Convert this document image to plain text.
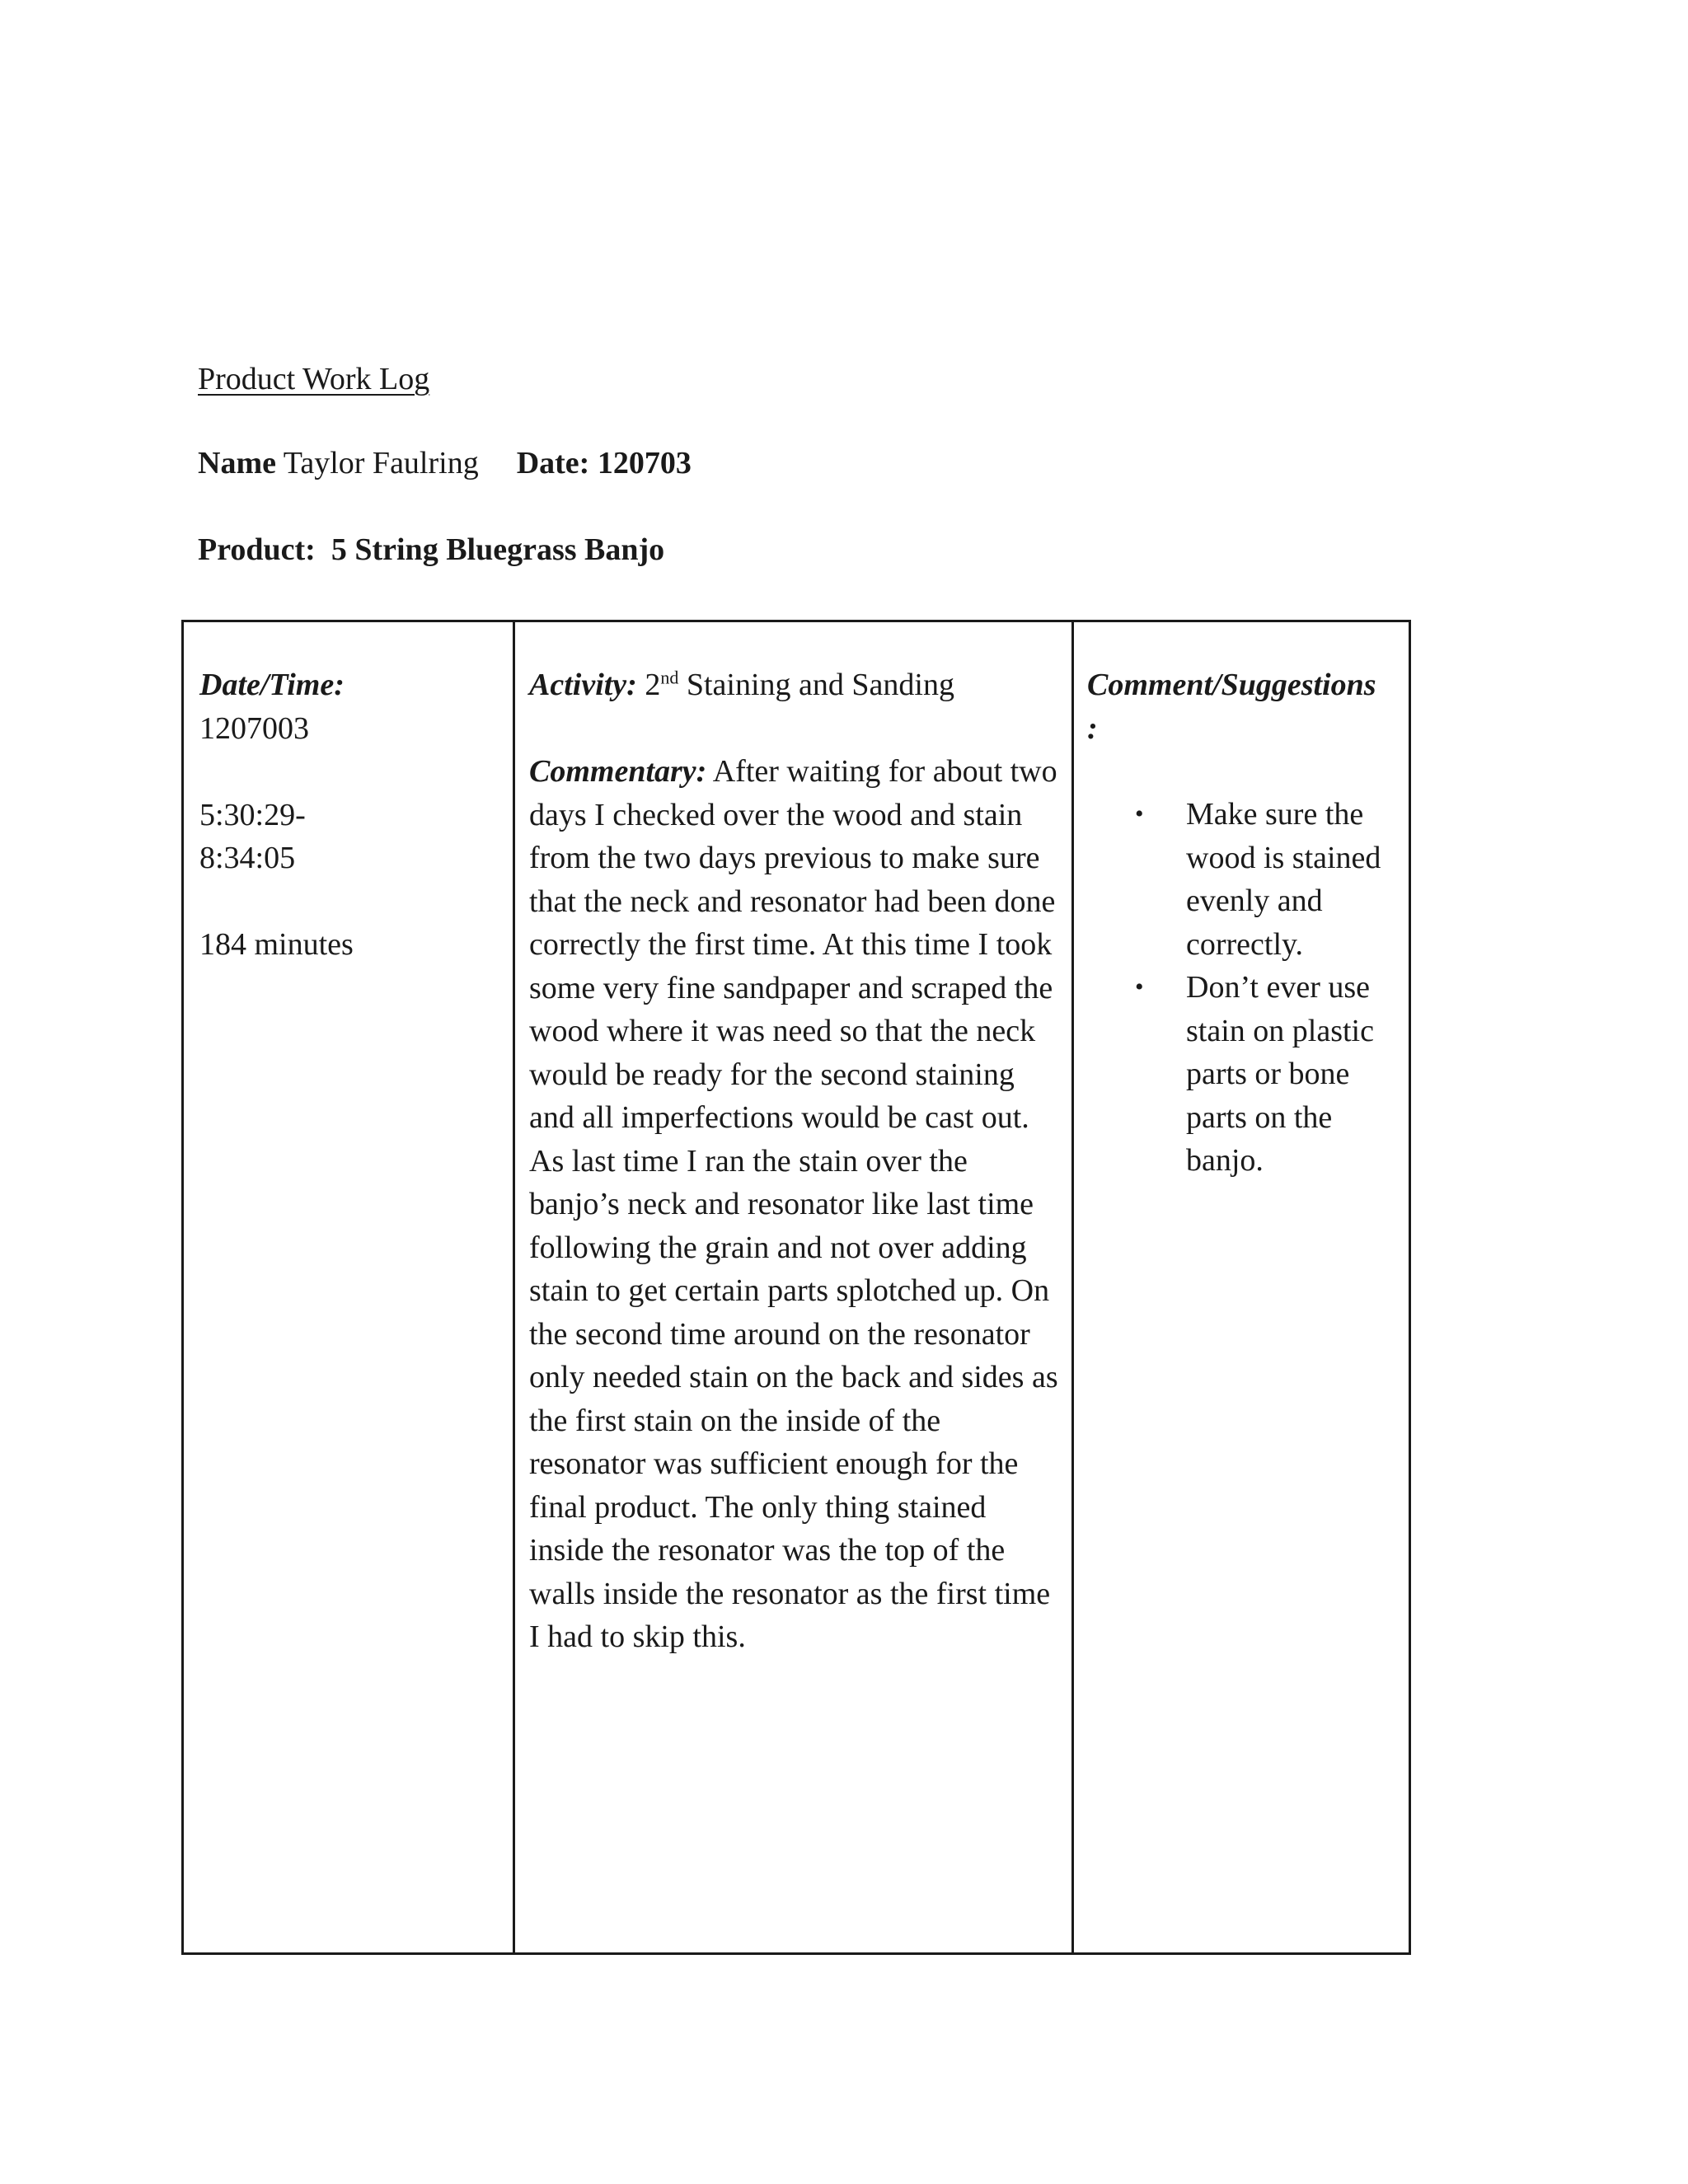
Product Work Log
Name Taylor Faulring Date: 120703
Product: 5 String Bluegrass Banjo
Date/Time:
1207003
5:30:29-
8:34:05
184 minutes
Activity: 2nd Staining and Sanding
Commentary: After waiting for about two days I checked over the wood and stain from the two days previous to make sure that the neck and resonator had been done correctly the first time. At this time I took some very fine sandpaper and scraped the wood where it was need so that the neck would be ready for the second staining and all imperfections would be cast out. As last time I ran the stain over the banjo’s neck and resonator like last time following the grain and not over adding stain to get certain parts splotched up. On the second time around on the resonator only needed stain on the back and sides as the first stain on the inside of the resonator was sufficient enough for the final product. The only thing stained inside the resonator was the top of the walls inside the resonator as the first time I had to skip this.
Comment/Suggestions
:
• Make sure the wood is stained evenly and correctly.
• Don’t ever use stain on plastic parts or bone parts on the banjo.
